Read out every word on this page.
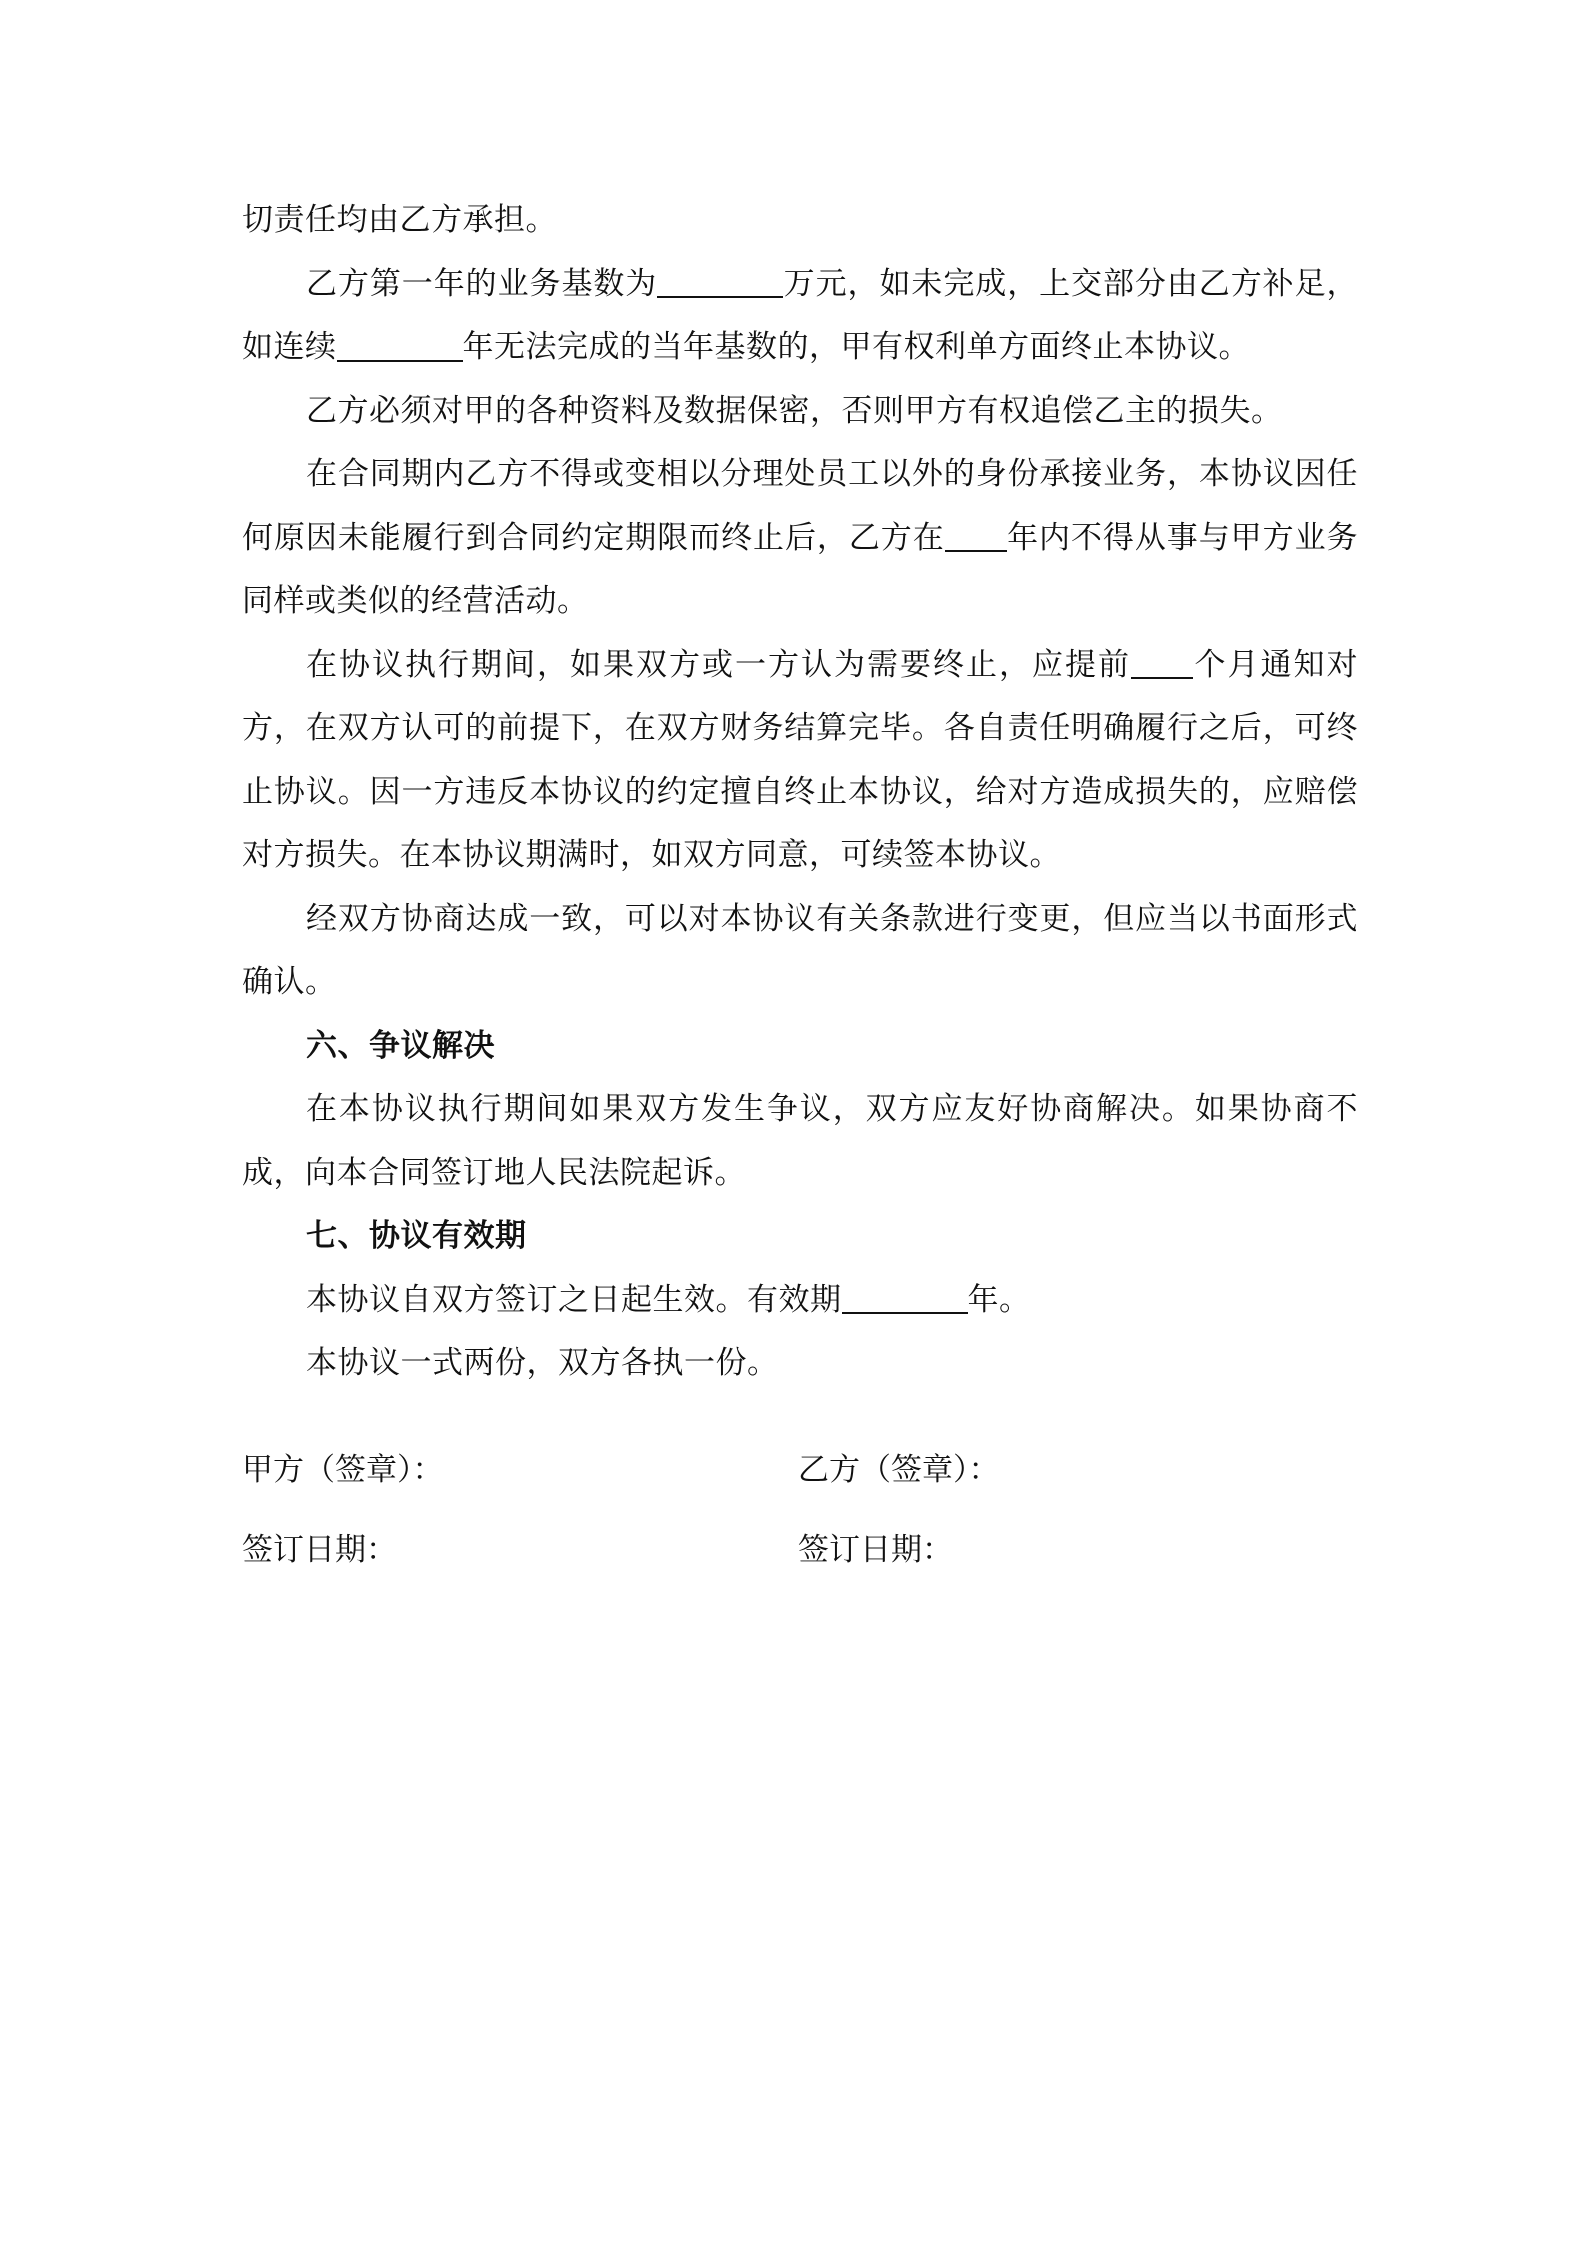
切责任均由乙方承担。

乙方第一年的业务基数为	万元，如未完成，上交部分由乙方补足，如连续	年无法完成的当年基数的，甲有权利单方面终止本协议。

乙方必须对甲的各种资料及数据保密，否则甲方有权追偿乙主的损失。

在合同期内乙方不得或变相以分理处员工以外的身份承接业务，本协议因任何原因未能履行到合同约定期限而终止后，乙方在 年内不得从事与甲方业务同样或类似的经营活动。

在协议执行期间，如果双方或一方认为需要终止，应提前 个月通知对方，在双方认可的前提下，在双方财务结算完毕。各自责任明确履行之后，可终止协议。因一方违反本协议的约定擅自终止本协议，给对方造成损失的，应赔偿对方损失。在本协议期满时，如双方同意，可续签本协议。

经双方协商达成一致，可以对本协议有关条款进行变更，但应当以书面形式确认。

六、争议解决

在本协议执行期间如果双方发生争议，双方应友好协商解决。如果协商不成，向本合同签订地人民法院起诉。

七、协议有效期

本协议自双方签订之日起生效。有效期	年。

本协议一式两份，双方各执一份。

甲方（签章）：	乙方（签章）：
签订日期：	签订日期：
